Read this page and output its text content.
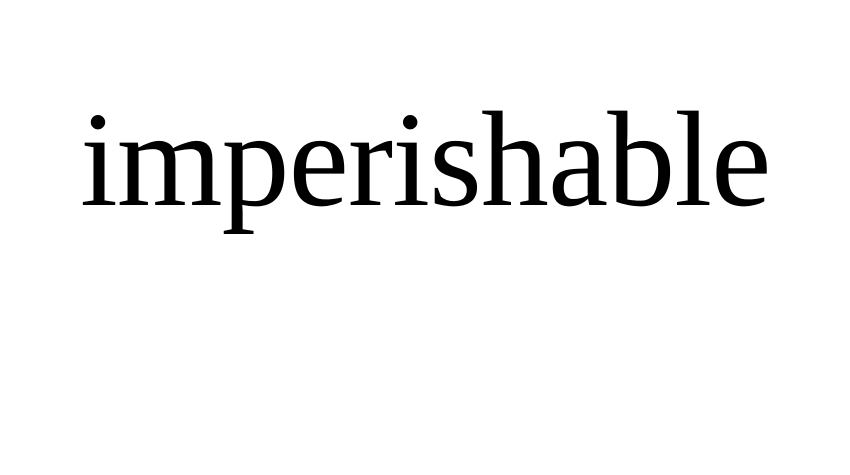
imperishable
